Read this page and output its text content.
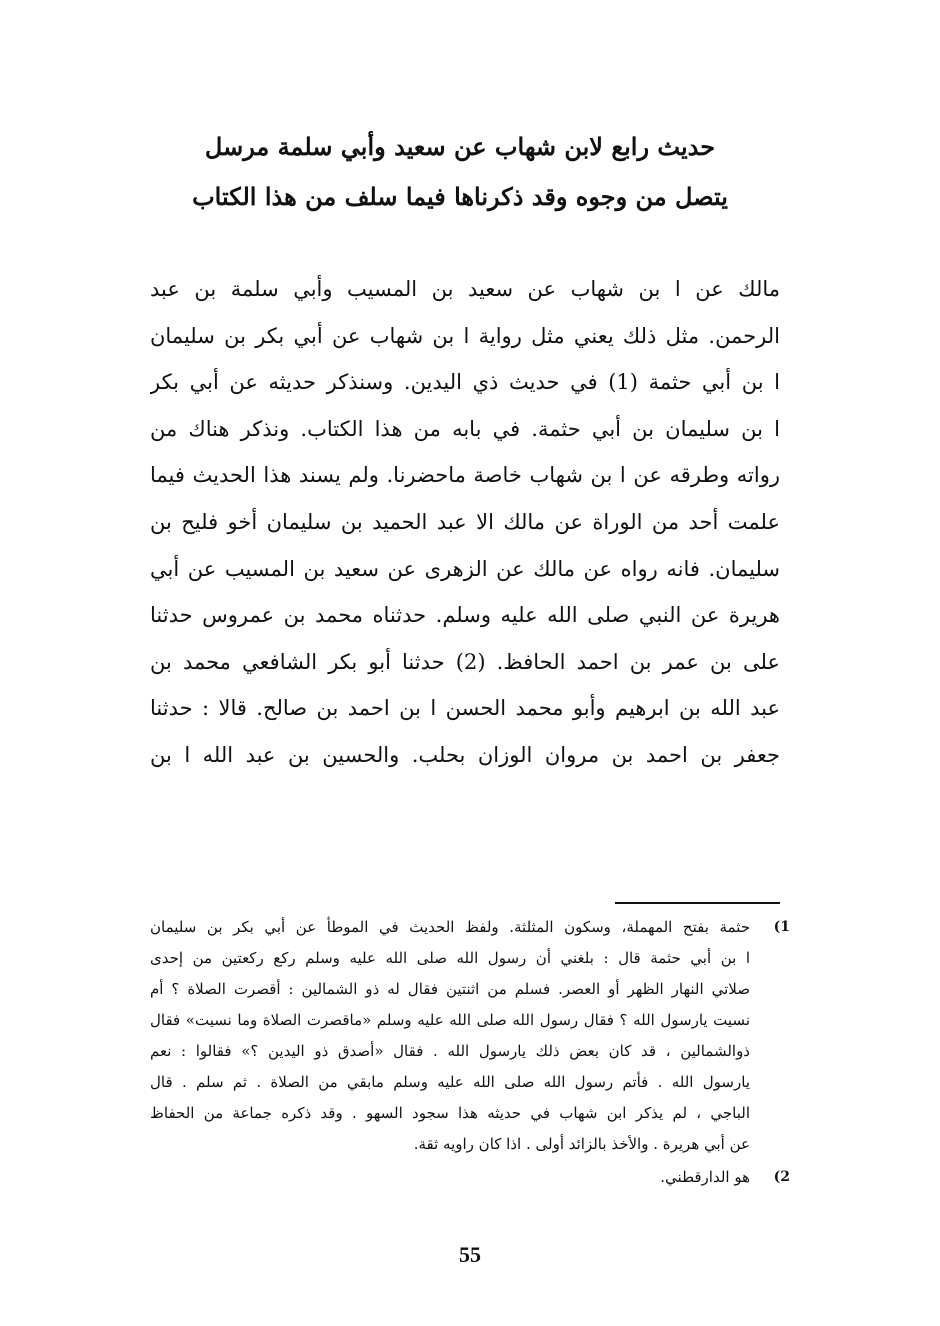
حديث رابع لابن شهاب عن سعيد وأبي سلمة مرسل
يتصل من وجوه وقد ذكرناها فيما سلف من هذا الكتاب
مالك عن ا بن شهاب عن سعيد بن المسيب وأبي سلمة بن عبد
الرحمن. مثل ذلك يعني مثل رواية ا بن شهاب عن أبي بكر بن سليمان
ا بن أبي حثمة (1) في حديث ذي اليدين. وسنذكر حديثه عن أبي بكر
ا بن سليمان بن أبي حثمة. في بابه من هذا الكتاب. ونذكر هناك من
رواته وطرقه عن ا بن شهاب خاصة ماحضرنا. ولم يسند هذا الحديث فيما
علمت أحد من الوراة عن مالك الا عبد الحميد بن سليمان أخو فليح بن
سليمان. فانه رواه عن مالك عن الزهرى عن سعيد بن المسيب عن أبي
هريرة عن النبي صلى الله عليه وسلم. حدثناه محمد بن عمروس حدثنا
على بن عمر بن احمد الحافظ. (2) حدثنا أبو بكر الشافعي محمد بن
عبد الله بن ابرهيم وأبو محمد الحسن ا بن احمد بن صالح. قالا : حدثنا
جعفر بن احمد بن مروان الوزان بحلب. والحسين بن عبد الله ا بن
(1
حثمة بفتح المهملة، وسكون المثلثة. ولفظ الحديث في الموطأ عن أبي بكر بن سليمان
ا بن أبي حثمة قال : بلغني أن رسول الله صلى الله عليه وسلم ركع ركعتين من إحدى
صلاتي النهار الظهر أو العصر. فسلم من اثنتين فقال له ذو الشمالين : أقصرت الصلاة ؟ أم
نسيت يارسول الله ؟ فقال رسول الله صلى الله عليه وسلم «ماقصرت الصلاة وما نسيت» فقال
ذوالشمالين ، قد كان بعض ذلك يارسول الله . فقال «أصدق ذو اليدين ؟» فقالوا : نعم
يارسول الله . فأتم رسول الله صلى الله عليه وسلم مابقي من الصلاة . ثم سلم . قال
الباجي ، لم يذكر ابن شهاب في حديثه هذا سجود السهو . وقد ذكره جماعة من الحفاظ
عن أبي هريرة . والأخذ بالزائد أولى . اذا كان راويه ثقة.
(2
هو الدارقطني.
55
